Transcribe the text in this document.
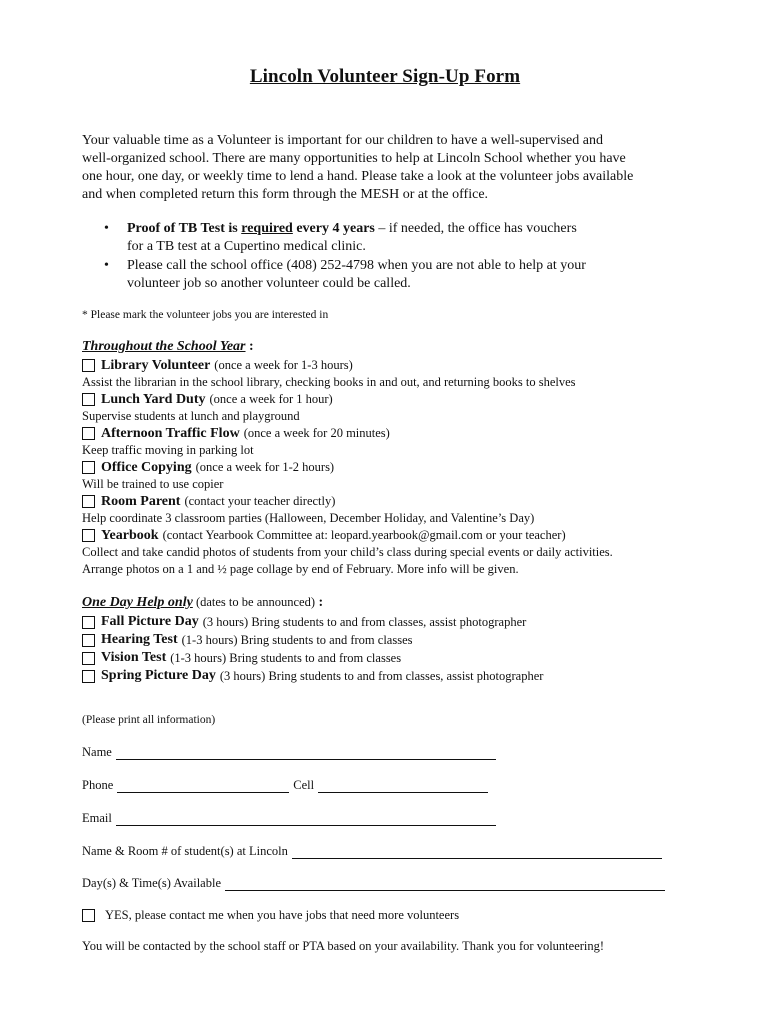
Lincoln Volunteer Sign-Up Form
Your valuable time as a Volunteer is important for our children to have a well-supervised and
well-organized school. There are many opportunities to help at Lincoln School whether you have
one hour, one day, or weekly time to lend a hand. Please take a look at the volunteer jobs available
and when completed return this form through the MESH or at the office.
• Proof of TB Test is required every 4 years – if needed, the office has vouchers
for a TB test at a Cupertino medical clinic.
• Please call the school office (408) 252-4798 when you are not able to help at your
volunteer job so another volunteer could be called.
* Please mark the volunteer jobs you are interested in
Throughout the School Year :
Library Volunteer (once a week for 1-3 hours)
Assist the librarian in the school library, checking books in and out, and returning books to shelves
Lunch Yard Duty (once a week for 1 hour)
Supervise students at lunch and playground
Afternoon Traffic Flow (once a week for 20 minutes)
Keep traffic moving in parking lot
Office Copying (once a week for 1-2 hours)
Will be trained to use copier
Room Parent (contact your teacher directly)
Help coordinate 3 classroom parties (Halloween, December Holiday, and Valentine’s Day)
Yearbook (contact Yearbook Committee at: leopard.yearbook@gmail.com or your teacher)
Collect and take candid photos of students from your child’s class during special events or daily activities.
Arrange photos on a 1 and ½ page collage by end of February. More info will be given.
One Day Help only (dates to be announced) :
Fall Picture Day (3 hours) Bring students to and from classes, assist photographer
Hearing Test (1-3 hours) Bring students to and from classes
Vision Test (1-3 hours) Bring students to and from classes
Spring Picture Day (3 hours) Bring students to and from classes, assist photographer
(Please print all information)
Name
Phone	Cell
Email
Name & Room # of student(s) at Lincoln
Day(s) & Time(s) Available
YES, please contact me when you have jobs that need more volunteers
You will be contacted by the school staff or PTA based on your availability. Thank you for volunteering!
